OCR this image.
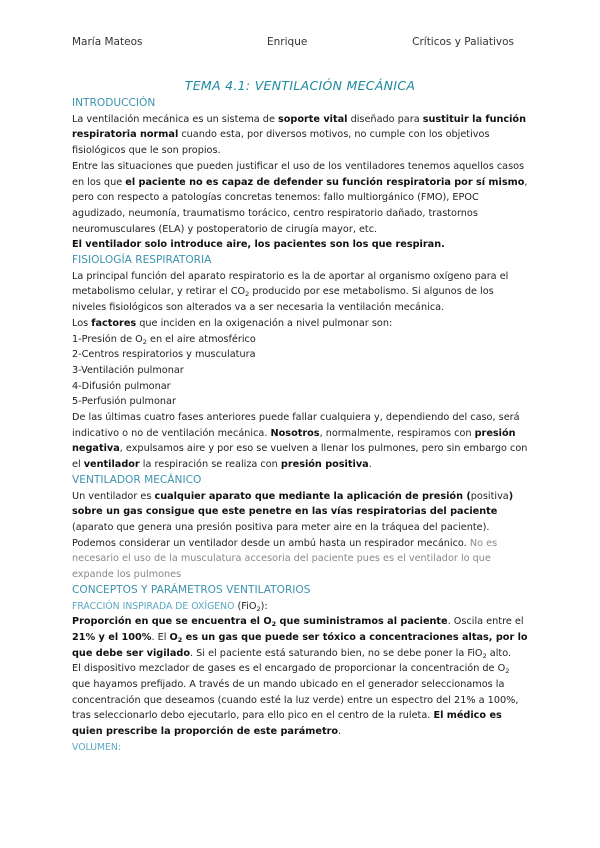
María Mateos	Enrique	Críticos y Paliativos
TEMA 4.1: VENTILACIÓN MECÁNICA

INTRODUCCIÓN

La ventilación mecánica es un sistema de soporte vital diseñado para sustituir la función respiratoria normal cuando esta, por diversos motivos, no cumple con los objetivos fisiológicos que le son propios.

Entre las situaciones que pueden justificar el uso de los ventiladores tenemos aquellos casos en los que el paciente no es capaz de defender su función respiratoria por sí mismo, pero con respecto a patologías concretas tenemos: fallo multiorgánico (FMO), EPOC agudizado, neumonía, traumatismo torácico, centro respiratorio dañado, trastornos neuromusculares (ELA) y postoperatorio de cirugía mayor, etc.

El ventilador solo introduce aire, los pacientes son los que respiran.

FISIOLOGÍA RESPIRATORIA

La principal función del aparato respiratorio es la de aportar al organismo oxígeno para el metabolismo celular, y retirar el $CO_2$ producido por ese metabolismo. Si algunos de los niveles fisiológicos son alterados va a ser necesaria la ventilación mecánica.

Los factores que inciden en la oxigenación a nivel pulmonar son:

1-Presión de $O_2$ en el aire atmosférico

2-Centros respiratorios y musculatura

3-Ventilación pulmonar

4-Difusión pulmonar

5-Perfusión pulmonar

De las últimas cuatro fases anteriores puede fallar cualquiera y, dependiendo del caso, será indicativo o no de ventilación mecánica. Nosotros, normalmente, respiramos con presión negativa, expulsamos aire y por eso se vuelven a llenar los pulmones, pero sin embargo con el ventilador la respiración se realiza con presión positiva.

VENTILADOR MECÁNICO

Un ventilador es cualquier aparato que mediante la aplicación de presión (positiva) sobre un gas consigue que este penetre en las vías respiratorias del paciente (aparato que genera una presión positiva para meter aire en la tráquea del paciente). Podemos considerar un ventilador desde un ambú hasta un respirador mecánico. No es necesario el uso de la musculatura accesoria del paciente pues es el ventilador lo que expande los pulmones

CONCEPTOS Y PARÁMETROS VENTILATORIOS

FRACCIÓN INSPIRADA DE OXÍGENO (FiO$_2$):

Proporción en que se encuentra el $O_2$ que suministramos al paciente. Oscila entre el 21% y el 100%. El $O_2$ es un gas que puede ser tóxico a concentraciones altas, por lo que debe ser vigilado. Si el paciente está saturando bien, no se debe poner la FiO$_2$ alto.

El dispositivo mezclador de gases es el encargado de proporcionar la concentración de $O_2$ que hayamos prefijado. A través de un mando ubicado en el generador seleccionamos la concentración que deseamos (cuando esté la luz verde) entre un espectro del 21% a 100%, tras seleccionarlo debo ejecutarlo, para ello pico en el centro de la ruleta. El médico es quien prescribe la proporción de este parámetro.

VOLUMEN:
